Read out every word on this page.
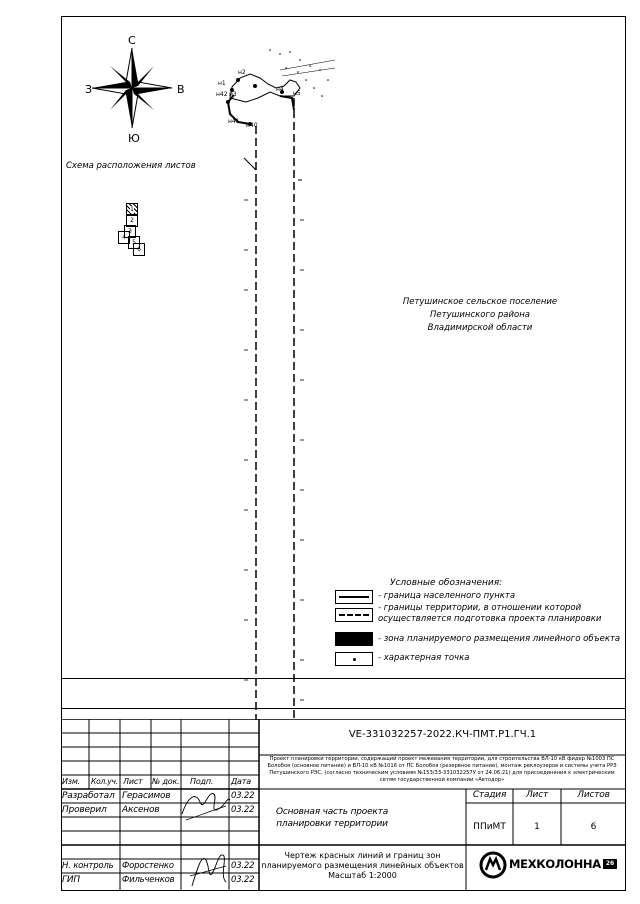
С
Ю
З	В
Схема расположения листов
1
2
3
4
5
6
н1
н2
н3
н4
н5
н40
н41
н42
Петушинское сельское поселение
Петушинского района
Владимирской области
Условные обозначения:
- граница населенного пункта
- границы территории, в отношении которой осуществляется подготовка проекта планировки
- зона планируемого размещения линейного объекта
- характерная точка
VE-331032257-2022.КЧ-ПМТ.Р1.ГЧ.1
Проект планировки территории, содержащий проект межевания территории, для строительства ВЛ-10 кВ фидер №1003 ПС Болобоя (основное питание) и ВЛ-10 кВ №1016 от ПС Болобоя (резервное питание), монтаж реклоузеров и системы учета РРЗ Петушинского РЭС, (согласно техническим условиям №153/33-331032257У от 24.06.21) для присоединения к электрическим сетям государственной компании «Автодор»
Изм. Кол.уч. Лист № док. Подп. Дата
Разработал Герасимов	03.22
Проверил Аксенов	03.22
Н. контроль Форостенко	03.22
ГИП	Фильченков	03.22
Основная часть проекта планировки территории
Стадия	Лист	Листов
ППиМТ	1	6
Чертеж красных линий и границ зон
планируемого размещения линейных объектов
Масштаб 1:2000
МЕХКОЛОННА 26
